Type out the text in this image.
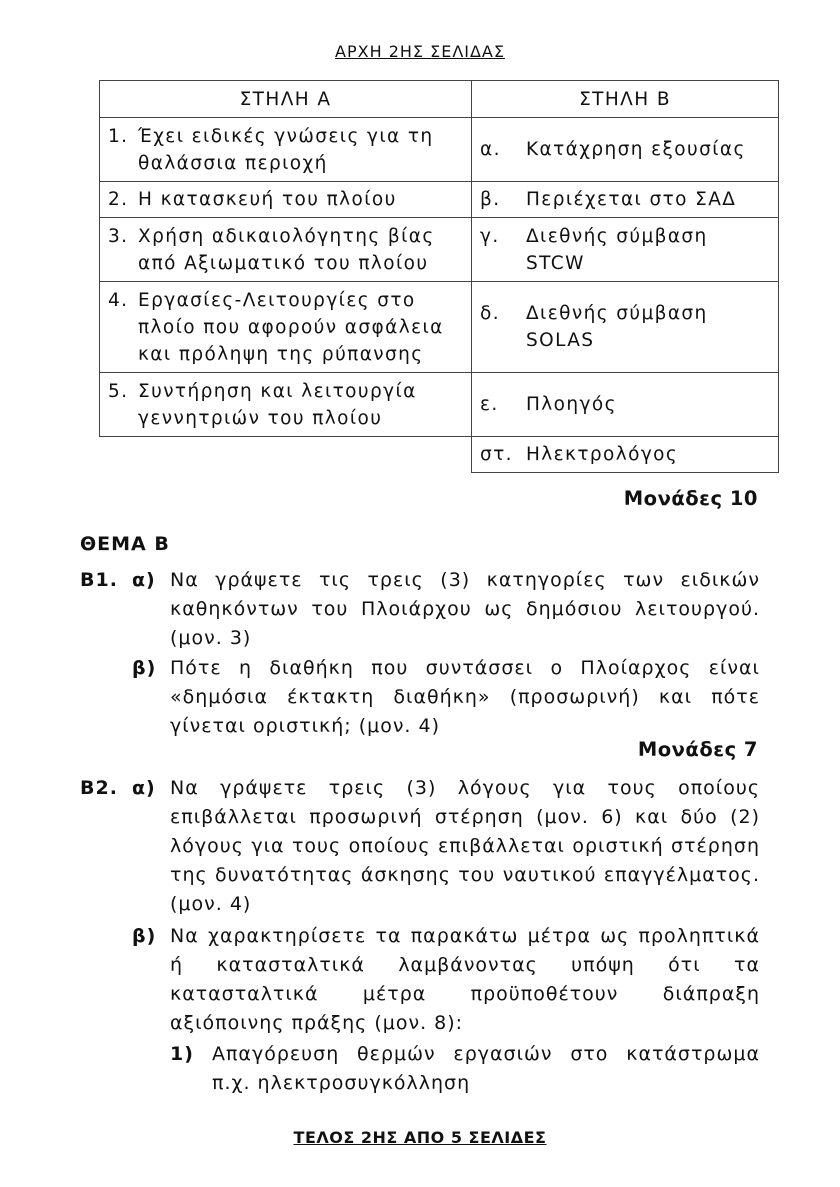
ΑΡΧΗ 2ΗΣ ΣΕΛΙΔΑΣ
ΣΤΗΛΗ Α	ΣΤΗΛΗ Β

1. Έχει ειδικές γνώσεις για τη θαλάσσια περιοχή	α. Κατάχρηση εξουσίας

2. Η κατασκευή του πλοίου	β. Περιέχεται στο ΣΑΔ

3. Χρήση αδικαιολόγητης βίας από Αξιωματικό του πλοίου	γ. Διεθνής σύμβαση STCW

4. Εργασίες-Λειτουργίες στο πλοίο που αφορούν ασφάλεια και πρόληψη της ρύπανσης	δ. Διεθνής σύμβαση SOLAS

5. Συντήρηση και λειτουργία γεννητριών του πλοίου	ε. Πλοηγός

	στ. Ηλεκτρολόγος
Μονάδες 10
ΘΕΜΑ Β
Β1. α) Να γράψετε τις τρεις (3) κατηγορίες των ειδικών καθηκόντων του Πλοιάρχου ως δημόσιου λειτουργού. (μον. 3)
β) Πότε η διαθήκη που συντάσσει ο Πλοίαρχος είναι «δημόσια έκτακτη διαθήκη» (προσωρινή) και πότε γίνεται οριστική; (μον. 4)
Μονάδες 7
Β2. α) Να γράψετε τρεις (3) λόγους για τους οποίους επιβάλλεται προσωρινή στέρηση (μον. 6) και δύο (2) λόγους για τους οποίους επιβάλλεται οριστική στέρηση της δυνατότητας άσκησης του ναυτικού επαγγέλματος. (μον. 4)
β) Να χαρακτηρίσετε τα παρακάτω μέτρα ως προληπτικά ή κατασταλτικά λαμβάνοντας υπόψη ότι τα κατασταλτικά μέτρα προϋποθέτουν διάπραξη αξιόποινης πράξης (μον. 8):
1) Απαγόρευση θερμών εργασιών στο κατάστρωμα π.χ. ηλεκτροσυγκόλληση
ΤΕΛΟΣ 2ΗΣ ΑΠΟ 5 ΣΕΛΙΔΕΣ
